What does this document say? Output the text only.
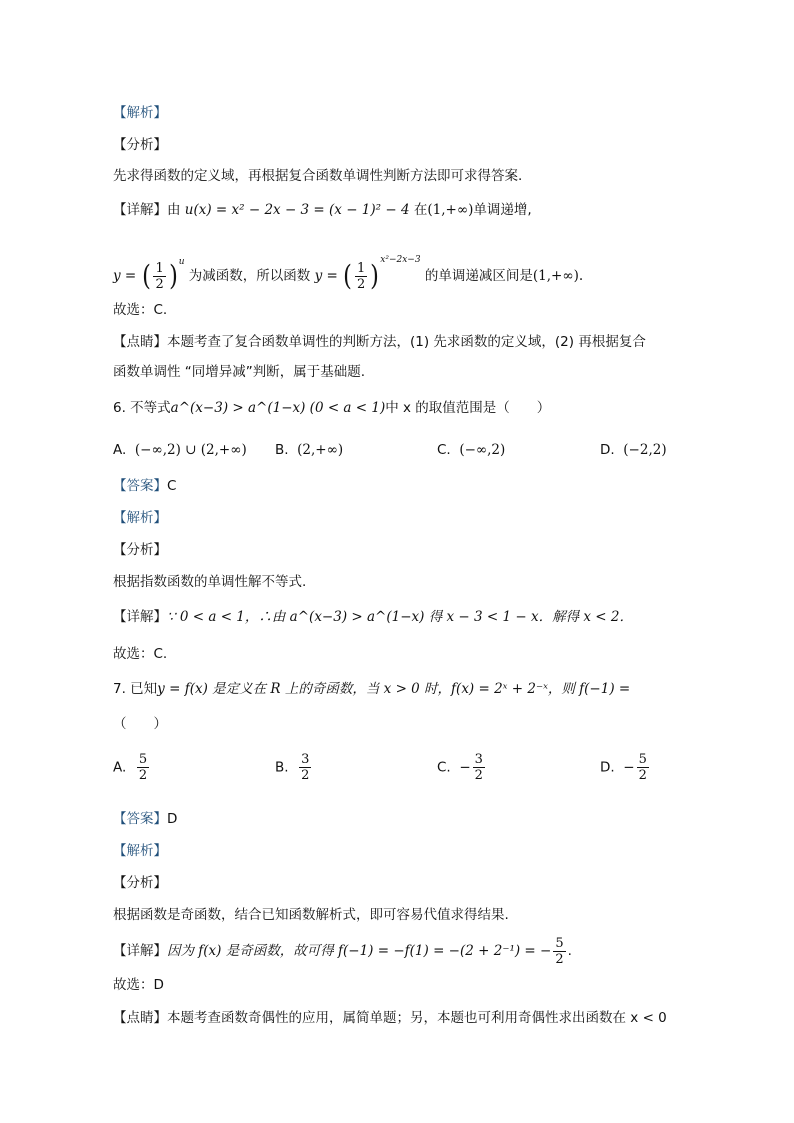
【解析】
【分析】
先求得函数的定义域，再根据复合函数单调性判断方法即可求得答案.
【详解】由 u(x) = x² − 2x − 3 = (x − 1)² − 4 在(1,+∞)单调递增,
y = ( $\frac{1}{2} )^u$ 为减函数，所以函数 y = ( $\frac{1}{2} )^{x^2-2x-3}$ 的单调递减区间是(1,+∞).
故选：C.
【点睛】本题考查了复合函数单调性的判断方法，(1) 先求函数的定义域，(2) 再根据复合
函数单调性 “同增异减”判断，属于基础题.
6. 不等式a^(x−3) > a^(1−x) (0 < a < 1)中 x 的取值范围是（　　）
A. (−∞,2) ∪ (2,+∞) B. (2,+∞)	C. (−∞,2)	D. (−2,2)
【答案】C
【解析】
【分析】
根据指数函数的单调性解不等式.
【详解】∵ 0 < a < 1，∴由 a^(x−3) > a^(1−x) 得 x − 3 < 1 − x．解得 x < 2．
故选：C.
7. 已知y = f(x) 是定义在 R 上的奇函数，当 x > 0 时，f(x) = 2ˣ + 2⁻ˣ，则 f(−1) =
（　　）
A. $\frac{5}{2}$	B. $\frac{3}{2}$	C. − $\frac{3}{2}$	D. − $\frac{5}{2}$
【答案】D
【解析】
【分析】
根据函数是奇函数，结合已知函数解析式，即可容易代值求得结果.
【详解】因为 f(x) 是奇函数，故可得 f(−1) = −f(1) = −(2 + 2⁻¹) = − $\frac{5}{2}$ .
故选：D
【点睛】本题考查函数奇偶性的应用，属简单题；另，本题也可利用奇偶性求出函数在 x < 0
